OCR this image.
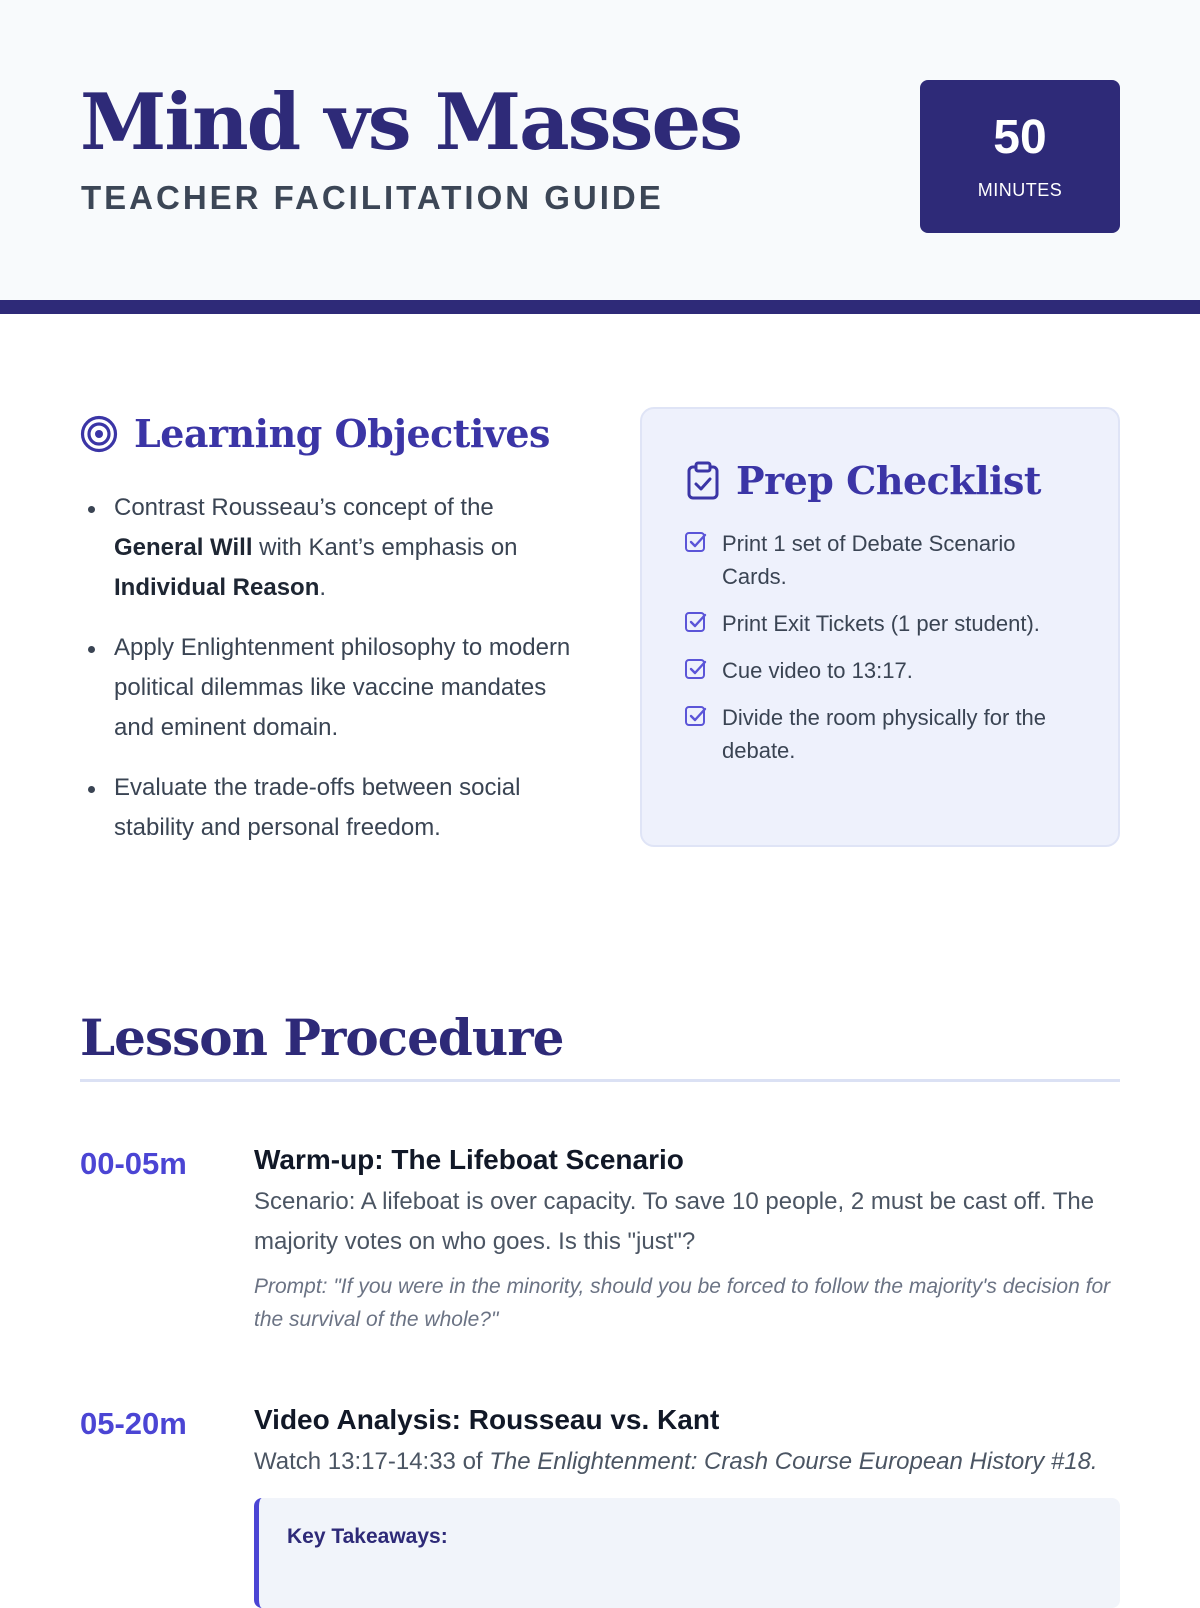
Mind vs Masses
TEACHER FACILITATION GUIDE
50
MINUTES
Learning Objectives
Contrast Rousseau’s concept of the General Will with Kant’s emphasis on Individual Reason.
Apply Enlightenment philosophy to modern political dilemmas like vaccine mandates and eminent domain.
Evaluate the trade-offs between social stability and personal freedom.
Prep Checklist
Print 1 set of Debate Scenario Cards.
Print Exit Tickets (1 per student).
Cue video to 13:17.
Divide the room physically for the debate.
Lesson Procedure
00-05m Warm-up: The Lifeboat Scenario
Scenario: A lifeboat is over capacity. To save 10 people, 2 must be cast off. The majority votes on who goes. Is this "just"?
Prompt: "If you were in the minority, should you be forced to follow the majority's decision for the survival of the whole?"
05-20m Video Analysis: Rousseau vs. Kant
Watch 13:17-14:33 of The Enlightenment: Crash Course European History #18.
Key Takeaways:
